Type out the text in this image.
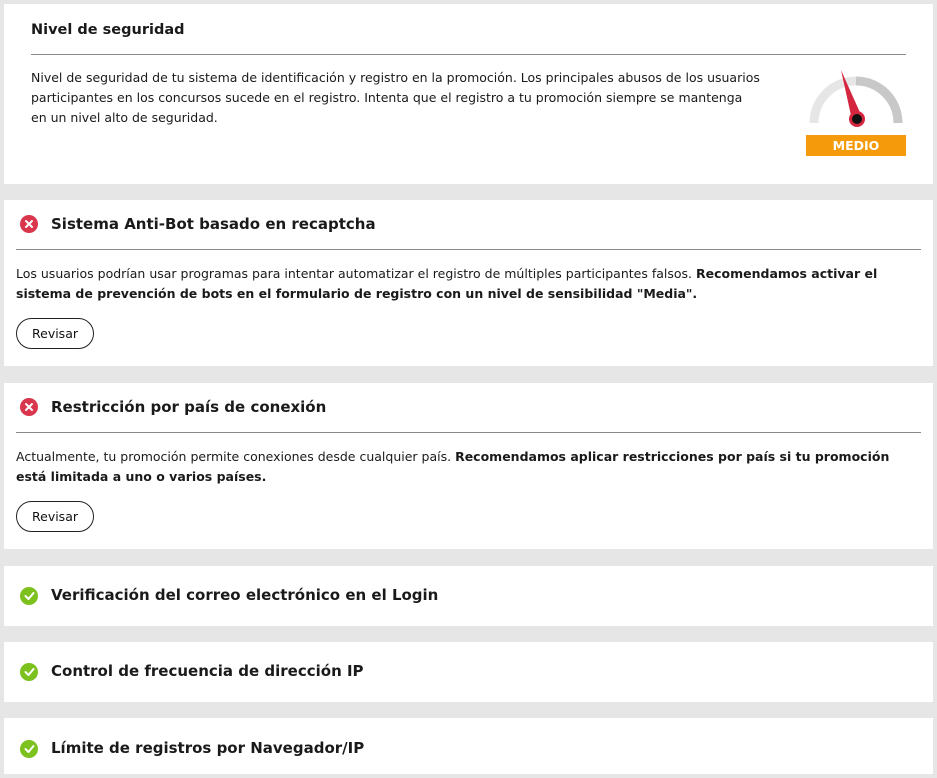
Nivel de seguridad
Nivel de seguridad de tu sistema de identificación y registro en la promoción. Los principales abusos de los usuarios participantes en los concursos sucede en el registro. Intenta que el registro a tu promoción siempre se mantenga en un nivel alto de seguridad.
MEDIO
Sistema Anti-Bot basado en recaptcha
Los usuarios podrían usar programas para intentar automatizar el registro de múltiples participantes falsos. Recomendamos activar el sistema de prevención de bots en el formulario de registro con un nivel de sensibilidad "Media".
Revisar
Restricción por país de conexión
Actualmente, tu promoción permite conexiones desde cualquier país. Recomendamos aplicar restricciones por país si tu promoción está limitada a uno o varios países.
Revisar
Verificación del correo electrónico en el Login
Control de frecuencia de dirección IP
Límite de registros por Navegador/IP
